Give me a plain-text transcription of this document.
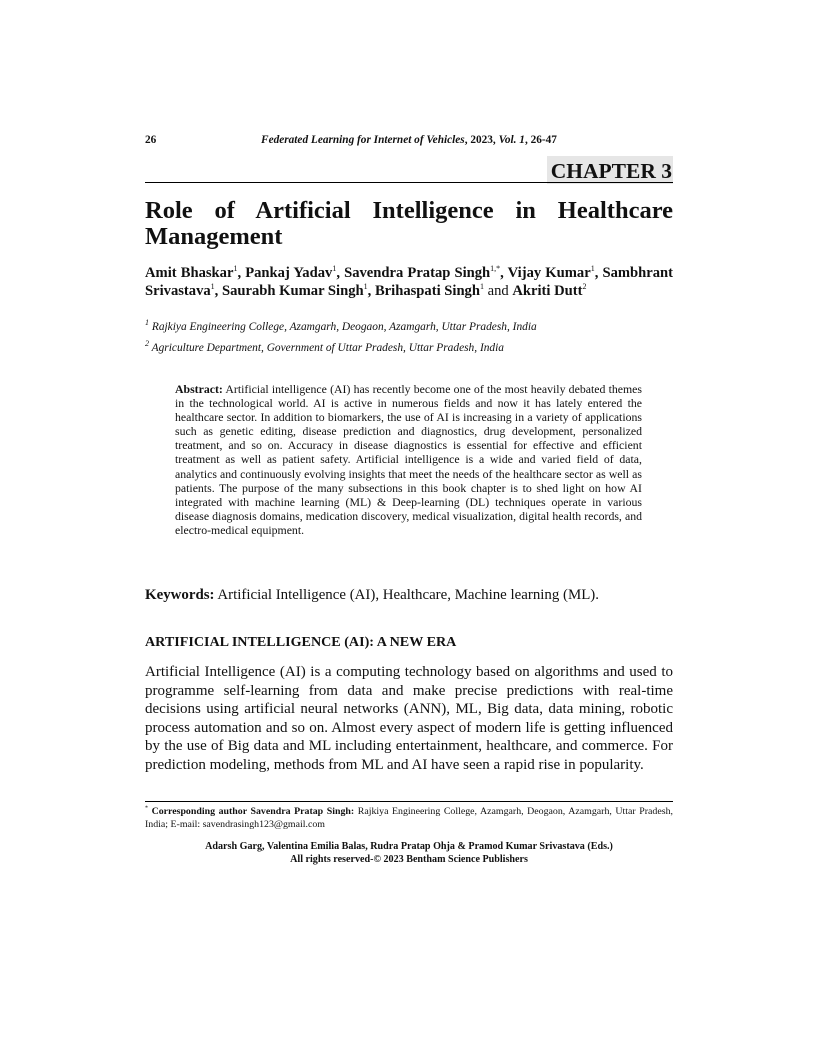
26	Federated Learning for Internet of Vehicles, 2023, Vol. 1, 26-47
CHAPTER 3
Role of Artificial Intelligence in Healthcare Management
Amit Bhaskar$^1$, Pankaj Yadav$^1$, Savendra Pratap Singh$^{1,*}$, Vijay Kumar$^1$, Sambhrant Srivastava$^1$, Saurabh Kumar Singh$^1$, Brihaspati Singh$^1$ and Akriti Dutt$^2$
$^1$ Rajkiya Engineering College, Azamgarh, Deogaon, Azamgarh, Uttar Pradesh, India
$^2$ Agriculture Department, Government of Uttar Pradesh, Uttar Pradesh, India
Abstract: Artificial intelligence (AI) has recently become one of the most heavily debated themes in the technological world. AI is active in numerous fields and now it has lately entered the healthcare sector. In addition to biomarkers, the use of AI is increasing in a variety of applications such as genetic editing, disease prediction and diagnostics, drug development, personalized treatment, and so on. Accuracy in disease diagnostics is essential for effective and efficient treatment as well as patient safety. Artificial intelligence is a wide and varied field of data, analytics and continuously evolving insights that meet the needs of the healthcare sector as well as patients. The purpose of the many subsections in this book chapter is to shed light on how AI integrated with machine learning (ML) & Deep-learning (DL) techniques operate in various disease diagnosis domains, medication discovery, medical visualization, digital health records, and electro-medical equipment.
Keywords: Artificial Intelligence (AI), Healthcare, Machine learning (ML).
ARTIFICIAL INTELLIGENCE (AI): A NEW ERA

Artificial Intelligence (AI) is a computing technology based on algorithms and used to programme self-learning from data and make precise predictions with real-time decisions using artificial neural networks (ANN), ML, Big data, data mining, robotic process automation and so on. Almost every aspect of modern life is getting influenced by the use of Big data and ML including entertainment, healthcare, and commerce. For prediction modeling, methods from ML and AI have seen a rapid rise in popularity.

* Corresponding author Savendra Pratap Singh: Rajkiya Engineering College, Azamgarh, Deogaon, Azamgarh, Uttar Pradesh, India; E-mail: savendrasingh123@gmail.com
Adarsh Garg, Valentina Emilia Balas, Rudra Pratap Ohja & Pramod Kumar Srivastava (Eds.)
All rights reserved-© 2023 Bentham Science Publishers
